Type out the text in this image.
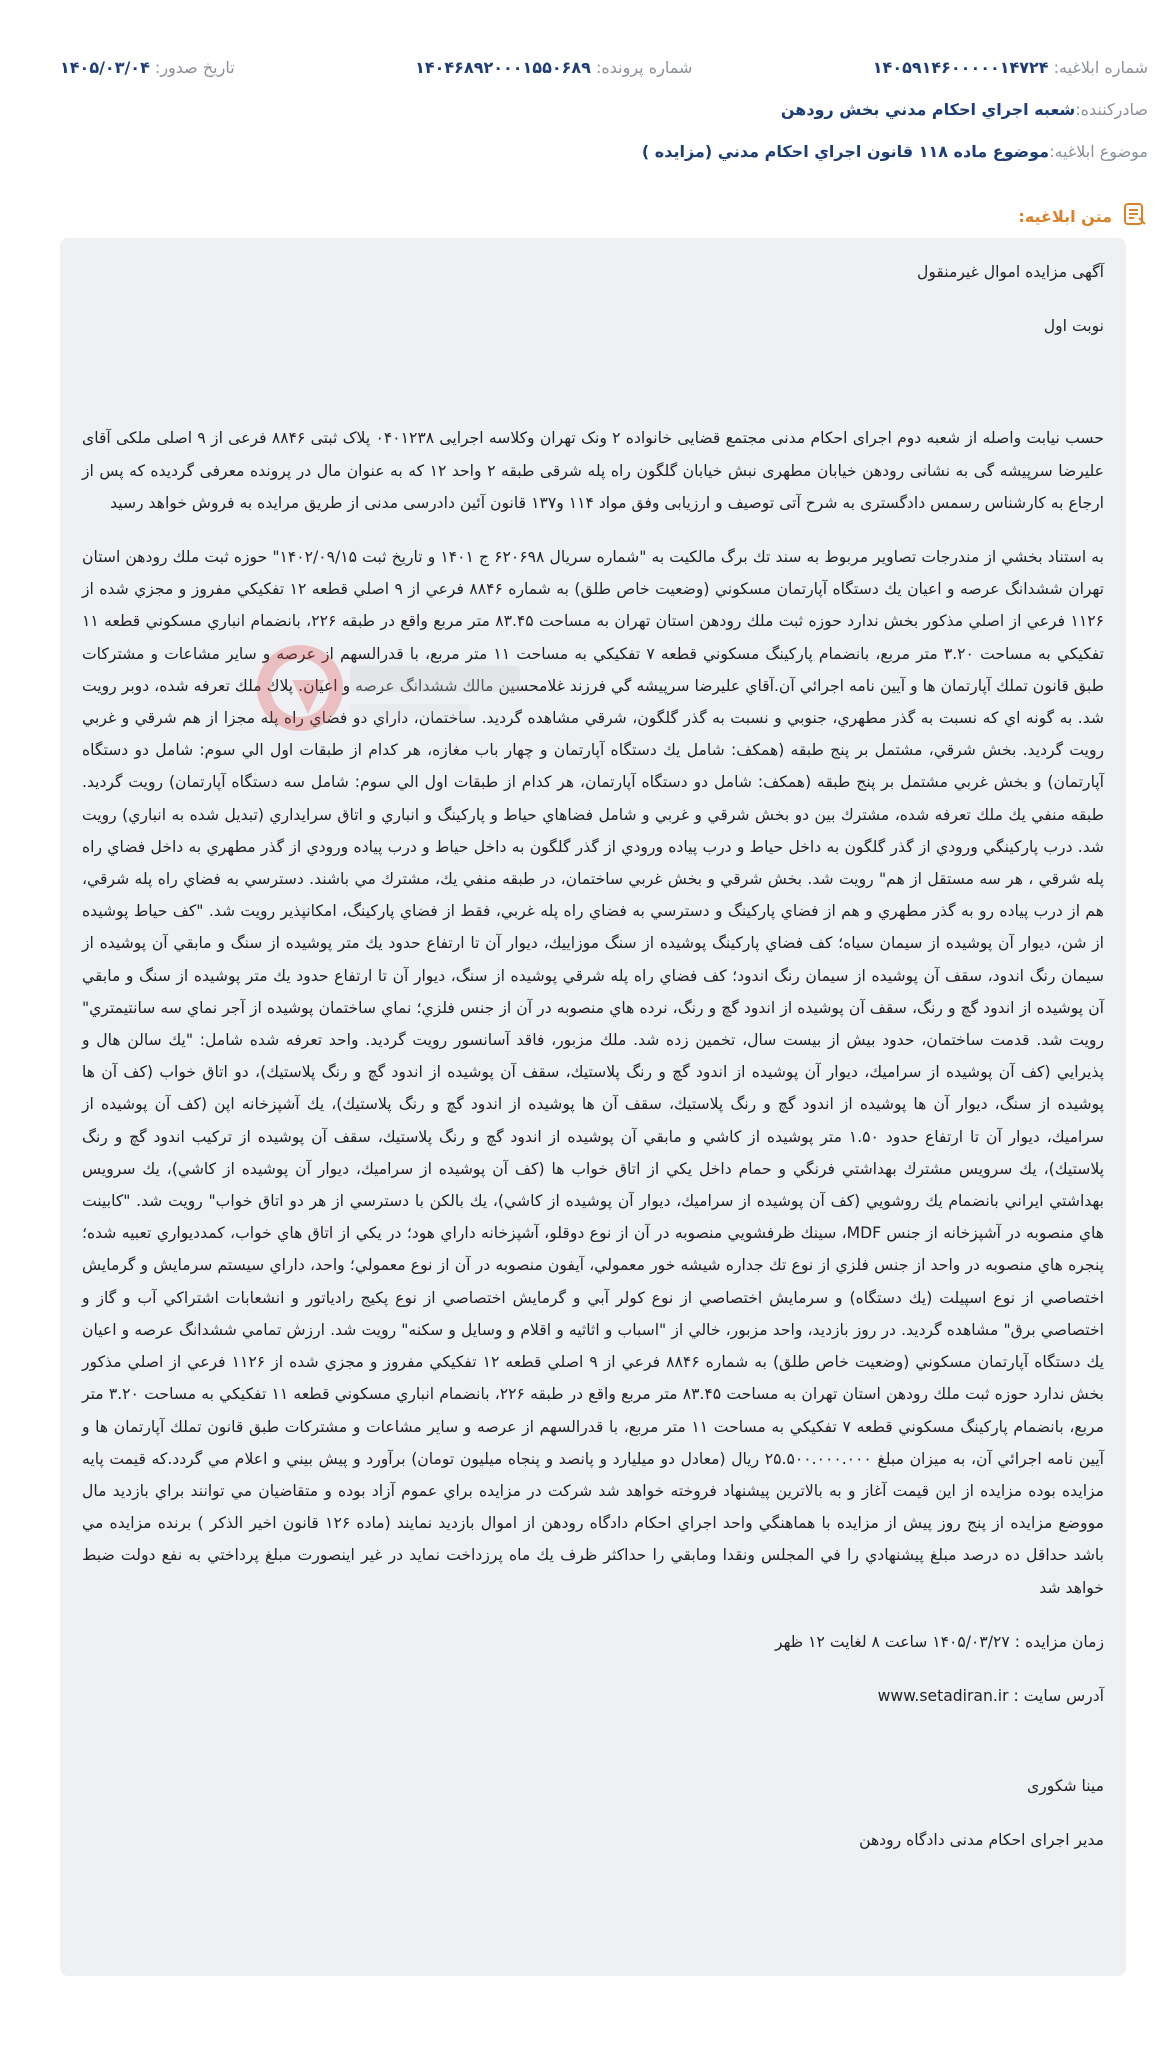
شماره ابلاغیه: ۱۴۰۵۹۱۴۶۰۰۰۰۰۱۴۷۲۴
شماره پرونده: ۱۴۰۴۶۸۹۲۰۰۰۱۵۵۰۶۸۹
تاریخ صدور: ۱۴۰۵/۰۳/۰۴
صادرکننده:
شعبه اجراي احكام مدني بخش رودهن
موضوع ابلاغیه:
موضوع ماده ۱۱۸ قانون اجراي احكام مدني (مزايده )
متن ابلاغیه:

آگهی مزایده اموال غیرمنقول

نوبت اول

حسب نیابت واصله از شعبه دوم اجرای احکام مدنی مجتمع قضایی خانواده ۲ ونک تهران وکلاسه اجرایی ۰۴۰۱۲۳۸ پلاک ثبتی ۸۸۴۶ فرعی از ۹ اصلی ملکی آقای علیرضا سرپیشه گی به نشانی رودهن خیابان مطهری نبش خیابان گلگون راه پله شرقی طبقه ۲ واحد ۱۲ که به عنوان مال در پرونده معرفی گردیده که پس از ارجاع به کارشناس رسمس دادگستری به شرح آتی توصیف و ارزیابی وفق مواد ۱۱۴ و۱۳۷ قانون آئین دادرسی مدنی از طریق مرایده به فروش خواهد رسید

به استناد بخشي از مندرجات تصاوير مربوط به سند تك برگ مالكيت به "شماره سريال ۶۲۰۶۹۸ ج ۱۴۰۱ و تاريخ ثبت ۱۴۰۲/۰۹/۱۵" حوزه ثبت ملك رودهن استان تهران ششدانگ عرصه و اعيان يك دستگاه آپارتمان مسكوني (وضعيت خاص طلق) به شماره ۸۸۴۶ فرعي از ۹ اصلي قطعه ۱۲ تفكيكي مفروز و مجزي شده از ۱۱۲۶ فرعي از اصلي مذكور بخش ندارد حوزه ثبت ملك رودهن استان تهران به مساحت ۸۳.۴۵ متر مربع واقع در طبقه ۲۲۶، بانضمام انباري مسكوني قطعه ۱۱ تفكيكي به مساحت ۳.۲۰ متر مربع، بانضمام پاركينگ مسكوني قطعه ۷ تفكيكي به مساحت ۱۱ متر مربع، با قدرالسهم از عرصه و ساير مشاعات و مشتركات طبق قانون تملك آپارتمان ها و آيين نامه اجرائي آن.آقاي عليرضا سرپيشه گي فرزند غلامحسين مالك ششدانگ عرصه و اعيان. پلاك ملك تعرفه شده، دوبر رويت شد. به گونه اي كه نسبت به گذر مطهري، جنوبي و نسبت به گذر گلگون، شرقي مشاهده گرديد. ساختمان، داراي دو فضاي راه پله مجزا از هم شرقي و غربي رويت گرديد. بخش شرقي، مشتمل بر پنج طبقه (همكف: شامل يك دستگاه آپارتمان و چهار باب مغازه، هر كدام از طبقات اول الي سوم: شامل دو دستگاه آپارتمان) و بخش غربي مشتمل بر پنج طبقه (همكف: شامل دو دستگاه آپارتمان، هر كدام از طبقات اول الي سوم: شامل سه دستگاه آپارتمان) رويت گرديد. طبقه منفي يك ملك تعرفه شده، مشترك بين دو بخش شرقي و غربي و شامل فضاهاي حياط و پاركينگ و انباري و اتاق سرايداري (تبديل شده به انباري) رويت شد. درب پاركينگي ورودي از گذر گلگون به داخل حياط و درب پياده ورودي از گذر گلگون به داخل حياط و درب پياده ورودي از گذر مطهري به داخل فضاي راه پله شرقي ، هر سه مستقل از هم" رويت شد. بخش شرقي و بخش غربي ساختمان، در طبقه منفي يك، مشترك مي باشند. دسترسي به فضاي راه پله شرقي، هم از درب پياده رو به گذر مطهري و هم از فضاي پاركينگ و دسترسي به فضاي راه پله غربي، فقط از فضاي پاركينگ، امكانپذير رويت شد. "كف حياط پوشيده از شن، ديوار آن پوشيده از سيمان سياه؛ كف فضاي پاركينگ پوشيده از سنگ موزاييك، ديوار آن تا ارتفاع حدود يك متر پوشيده از سنگ و مابقي آن پوشيده از سيمان رنگ اندود، سقف آن پوشيده از سيمان رنگ اندود؛ كف فضاي راه پله شرقي پوشيده از سنگ، ديوار آن تا ارتفاع حدود يك متر پوشيده از سنگ و مابقي آن پوشيده از اندود گچ و رنگ، سقف آن پوشيده از اندود گچ و رنگ، نرده هاي منصوبه در آن از جنس فلزي؛ نماي ساختمان پوشيده از آجر نماي سه سانتيمتري" رويت شد. قدمت ساختمان، حدود بيش از بيست سال، تخمين زده شد. ملك مزبور، فاقد آسانسور رويت گرديد. واحد تعرفه شده شامل: "يك سالن هال و پذيرايي (كف آن پوشيده از سراميك، ديوار آن پوشيده از اندود گچ و رنگ پلاستيك، سقف آن پوشيده از اندود گچ و رنگ پلاستيك)، دو اتاق خواب (كف آن ها پوشيده از سنگ، ديوار آن ها پوشيده از اندود گچ و رنگ پلاستيك، سقف آن ها پوشيده از اندود گچ و رنگ پلاستيك)، يك آشپزخانه اپن (كف آن پوشيده از سراميك، ديوار آن تا ارتفاع حدود ۱.۵۰ متر پوشيده از كاشي و مابقي آن پوشيده از اندود گچ و رنگ پلاستيك، سقف آن پوشيده از تركيب اندود گچ و رنگ پلاستيك)، يك سرويس مشترك بهداشتي فرنگي و حمام داخل يكي از اتاق خواب ها (كف آن پوشيده از سراميك، ديوار آن پوشيده از كاشي)، يك سرويس بهداشتي ايراني بانضمام يك روشويي (كف آن پوشيده از سراميك، ديوار آن پوشيده از كاشي)، يك بالكن با دسترسي از هر دو اتاق خواب" رويت شد. "كابينت هاي منصوبه در آشپزخانه از جنس MDF، سينك ظرفشويي منصوبه در آن از نوع دوقلو، آشپزخانه داراي هود؛ در يكي از اتاق هاي خواب، كمدديواري تعبيه شده؛ پنجره هاي منصوبه در واحد از جنس فلزي از نوع تك جداره شيشه خور معمولي، آيفون منصوبه در آن از نوع معمولي؛ واحد، داراي سيستم سرمايش و گرمايش اختصاصي از نوع اسپيلت (يك دستگاه) و سرمايش اختصاصي از نوع كولر آبي و گرمايش اختصاصي از نوع پكيج رادياتور و انشعابات اشتراكي آب و گاز و اختصاصي برق" مشاهده گرديد. در روز بازديد، واحد مزبور، خالي از "اسباب و اثاثيه و اقلام و وسايل و سكنه" رويت شد. ارزش تمامي ششدانگ عرصه و اعيان يك دستگاه آپارتمان مسكوني (وضعيت خاص طلق) به شماره ۸۸۴۶ فرعي از ۹ اصلي قطعه ۱۲ تفكيكي مفروز و مجزي شده از ۱۱۲۶ فرعي از اصلي مذكور بخش ندارد حوزه ثبت ملك رودهن استان تهران به مساحت ۸۳.۴۵ متر مربع واقع در طبقه ۲۲۶، بانضمام انباري مسكوني قطعه ۱۱ تفكيكي به مساحت ۳.۲۰ متر مربع، بانضمام پاركينگ مسكوني قطعه ۷ تفكيكي به مساحت ۱۱ متر مربع، با قدرالسهم از عرصه و ساير مشاعات و مشتركات طبق قانون تملك آپارتمان ها و آيين نامه اجرائي آن، به ميزان مبلغ ۲۵.۵۰۰.۰۰۰.۰۰۰ ريال (معادل دو ميليارد و پانصد و پنجاه ميليون تومان) برآورد و پيش بيني و اعلام مي گردد.كه قيمت پايه مزايده بوده مزايده از اين قيمت آغاز و به بالاترين پيشنهاد فروخته خواهد شد شركت در مزايده براي عموم آزاد بوده و متقاضيان مي توانند براي بازديد مال مووضع مزايده از پنج روز پيش از مزايده با هماهنگي واحد اجراي احكام دادگاه رودهن از اموال بازديد نمايند (ماده ۱۲۶ قانون اخير الذكر ) برنده مزايده مي باشد حداقل ده درصد مبلغ پيشنهادي را في المجلس ونقدا ومابقي را حداكثر ظرف يك ماه پرزداخت نمايد در غير اينصورت مبلغ پرداختي به نفع دولت ضبط خواهد شد

زمان مزایده : ۱۴۰۵/۰۳/۲۷ ساعت ۸ لغایت ۱۲ ظهر

آدرس سایت : www.setadiran.ir

مینا شکوری

مدیر اجرای احکام مدنی دادگاه رودهن
